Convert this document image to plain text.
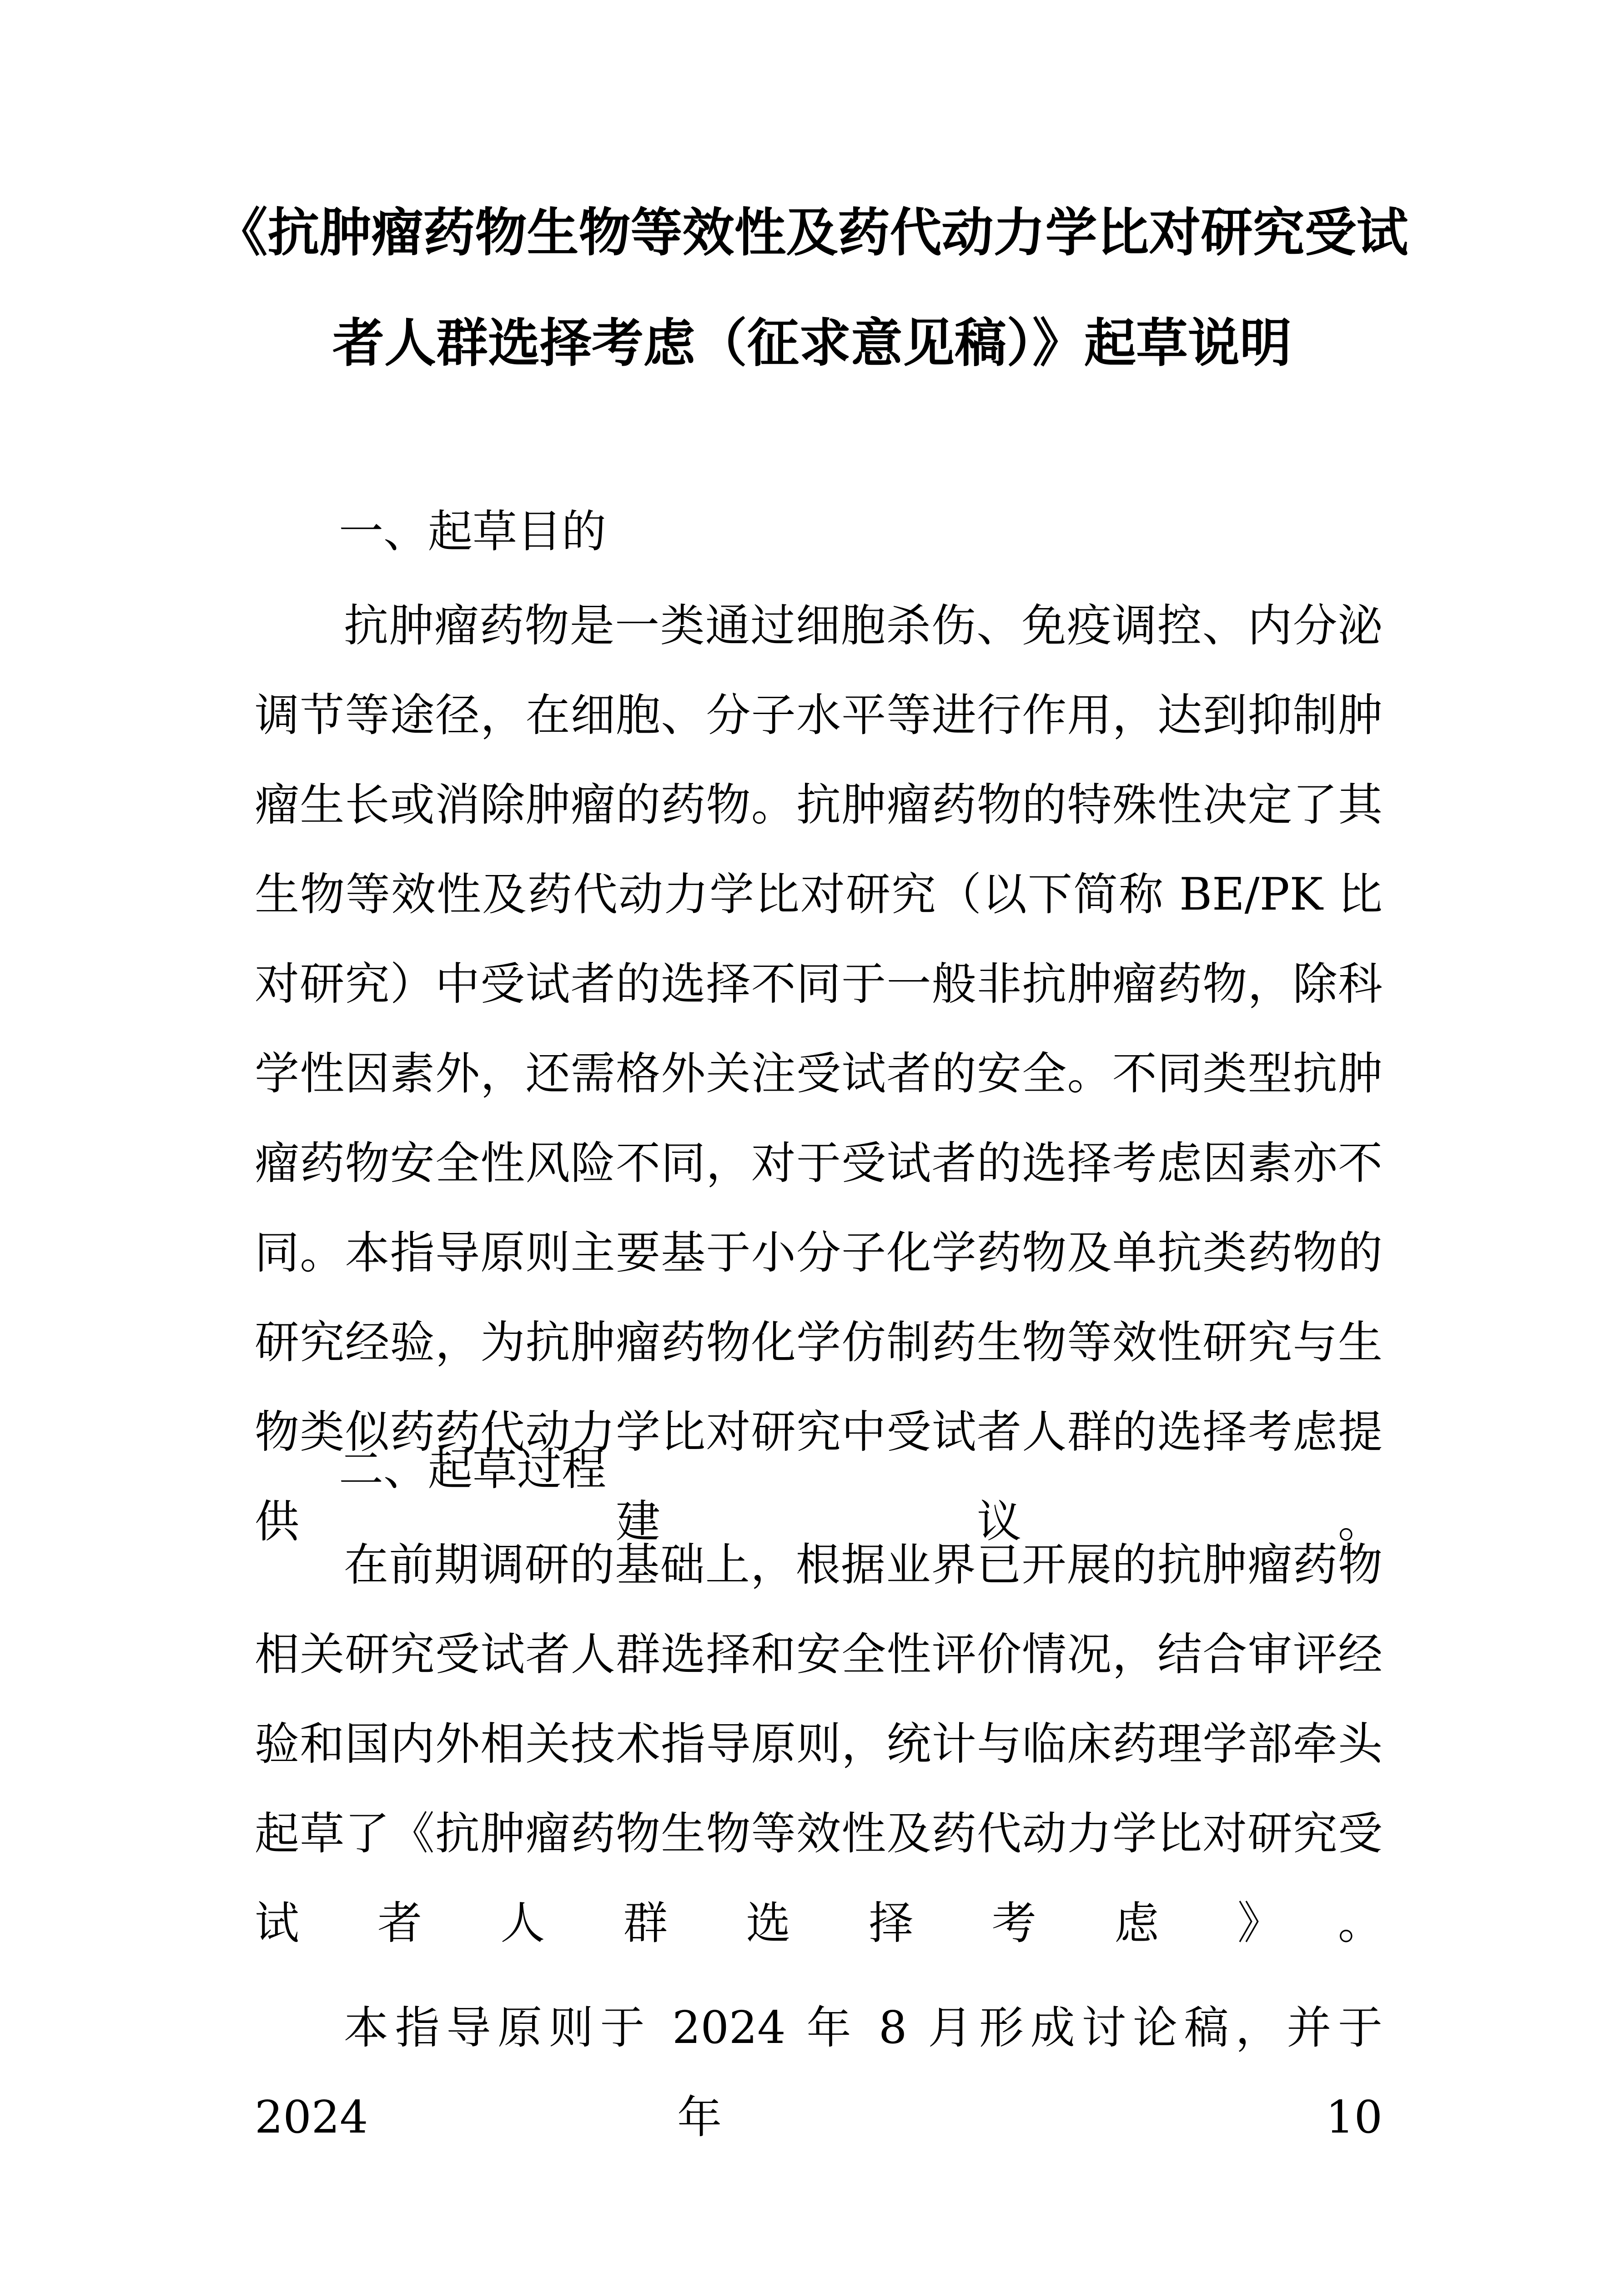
《抗肿瘤药物生物等效性及药代动力学比对研究受试
者人群选择考虑（征求意见稿）》起草说明
一、起草目的

抗肿瘤药物是一类通过细胞杀伤、免疫调控、内分泌调节等途径，在细胞、分子水平等进行作用，达到抑制肿瘤生长或消除肿瘤的药物。抗肿瘤药物的特殊性决定了其生物等效性及药代动力学比对研究（以下简称 BE/PK 比对研究）中受试者的选择不同于一般非抗肿瘤药物，除科学性因素外，还需格外关注受试者的安全。不同类型抗肿瘤药物安全性风险不同，对于受试者的选择考虑因素亦不同。本指导原则主要基于小分子化学药物及单抗类药物的研究经验，为抗肿瘤药物化学仿制药生物等效性研究与生物类似药药代动力学比对研究中受试者人群的选择考虑提供建议。

二、起草过程

在前期调研的基础上，根据业界已开展的抗肿瘤药物相关研究受试者人群选择和安全性评价情况，结合审评经验和国内外相关技术指导原则，统计与临床药理学部牵头起草了《抗肿瘤药物生物等效性及药代动力学比对研究受试者人群选择考虑》。

本指导原则于 2024 年 8 月形成讨论稿，并于 2024 年 10
